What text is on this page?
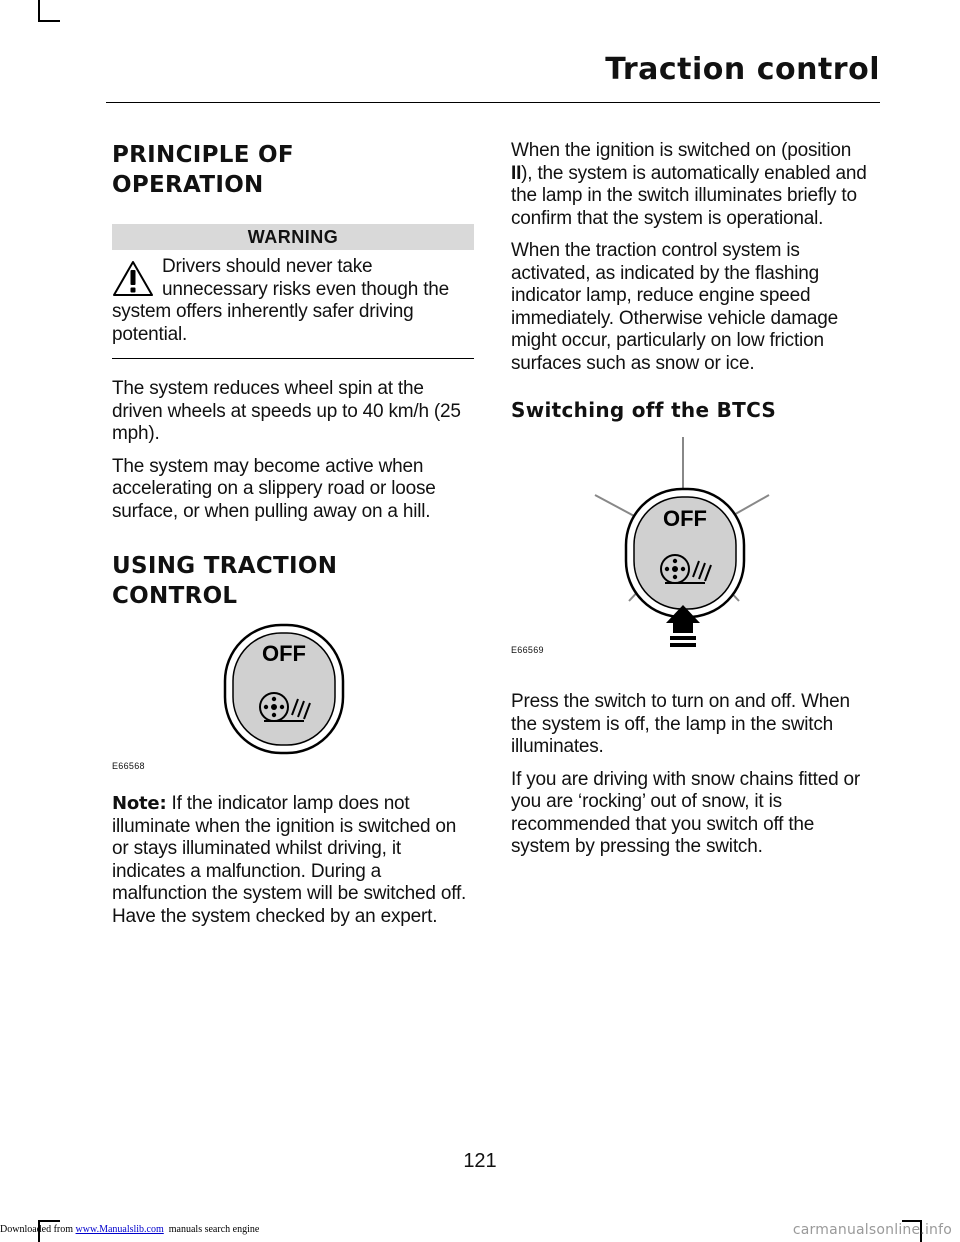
Traction control
PRINCIPLE OF
OPERATION
WARNING

Drivers should never take unnecessary risks even though the system offers inherently safer driving potential.

The system reduces wheel spin at the driven wheels at speeds up to 40 km/h (25 mph).

The system may become active when accelerating on a slippery road or loose surface, or when pulling away on a hill.

USING TRACTION
CONTROL
OFF
E66568

Note: If the indicator lamp does not illuminate when the ignition is switched on or stays illuminated whilst driving, it indicates a malfunction. During a malfunction the system will be switched off. Have the system checked by an expert.

When the ignition is switched on (position II), the system is automatically enabled and the lamp in the switch illuminates briefly to confirm that the system is operational.

When the traction control system is activated, as indicated by the flashing indicator lamp, reduce engine speed immediately. Otherwise vehicle damage might occur, particularly on low friction surfaces such as snow or ice.

Switching off the BTCS
OFF
E66569

Press the switch to turn on and off. When the system is off, the lamp in the switch illuminates.

If you are driving with snow chains fitted or you are ‘rocking’ out of snow, it is recommended that you switch off the system by pressing the switch.

121
Downloaded from www.Manualslib.com  manuals search engine	carmanualsonline.info
